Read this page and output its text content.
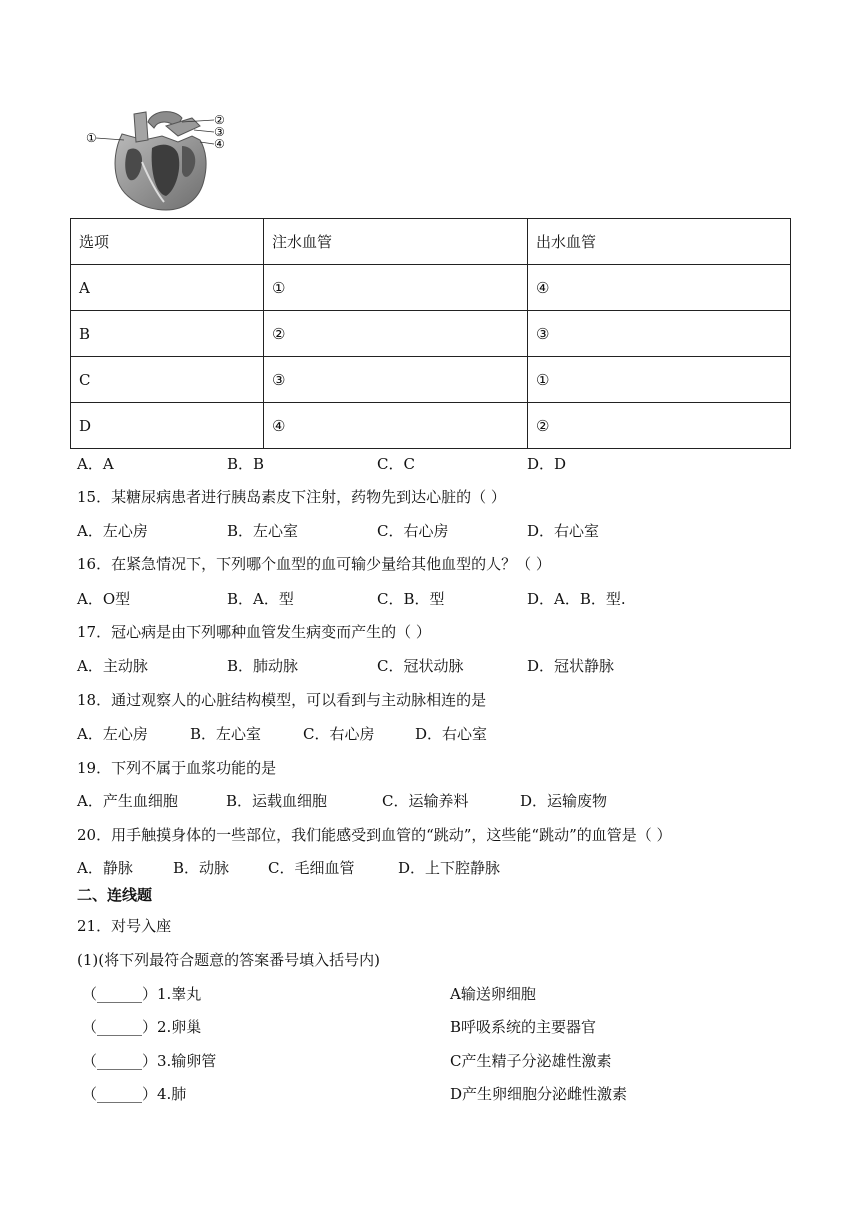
①
②
③
④
选项	注水血管	出水血管
A	①	④
B	②	③
C	③	①
D	④	②
A．A	B．B	C．C	D．D
15．某糖尿病患者进行胰岛素皮下注射，药物先到达心脏的（ ）
A．左心房	B．左心室	C．右心房	D．右心室
16．在紧急情况下，下列哪个血型的血可输少量给其他血型的人？（ ）
A．O型	B．A．型	C．B．型	D．A．B．型.
17．冠心病是由下列哪种血管发生病变而产生的（ ）
A．主动脉	B．肺动脉	C．冠状动脉	D．冠状静脉
18．通过观察人的心脏结构模型，可以看到与主动脉相连的是
A．左心房	B．左心室	C．右心房	D．右心室
19．下列不属于血浆功能的是
A．产生血细胞	B．运载血细胞	C．运输养料	D．运输废物
20．用手触摸身体的一些部位，我们能感受到血管的“跳动”，这些能“跳动”的血管是（ ）
A．静脉	B．动脉	C．毛细血管	D．上下腔静脉
二、连线题
21．对号入座
(1)(将下列最符合题意的答案番号填入括号内)
（______）1.睾丸
（______）2.卵巢
（______）3.输卵管
（______）4.肺
A输送卵细胞
B呼吸系统的主要器官
C产生精子分泌雄性激素
D产生卵细胞分泌雌性激素
